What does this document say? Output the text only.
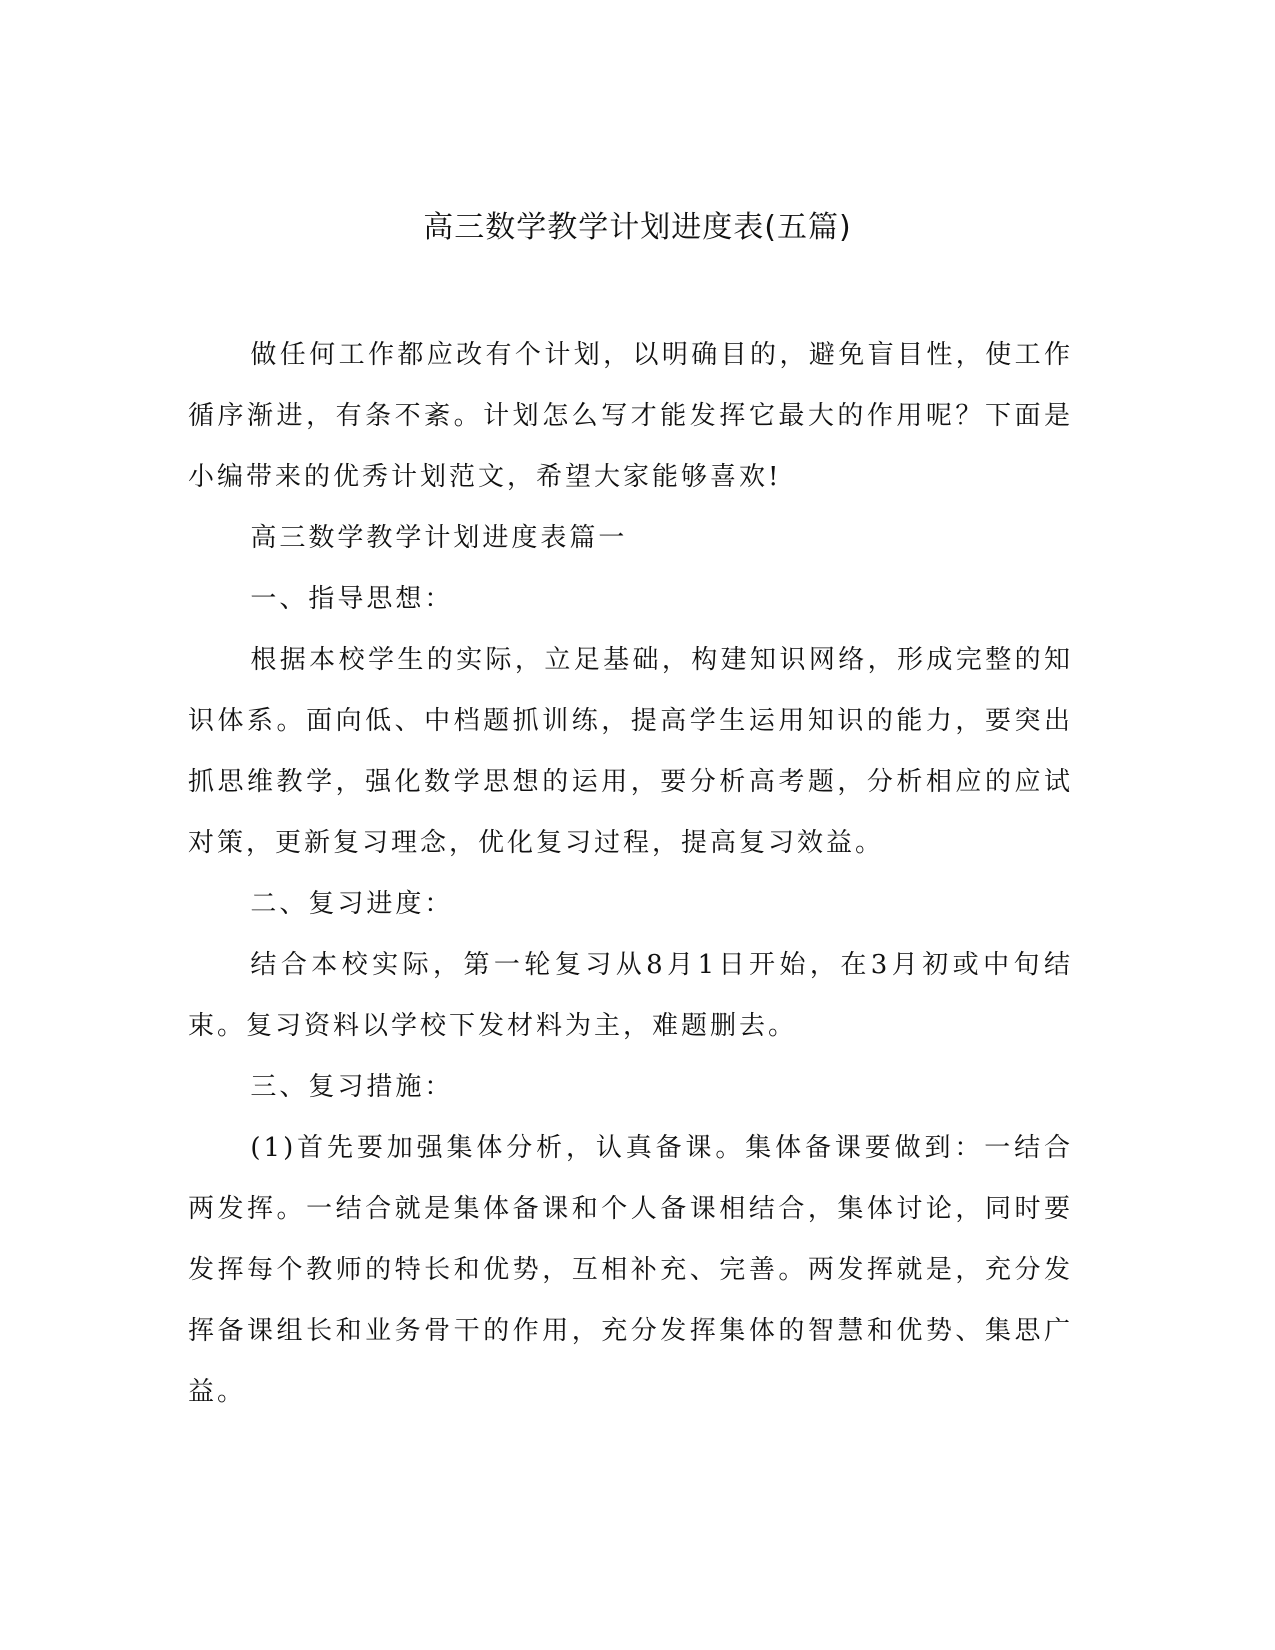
高三数学教学计划进度表(五篇)

做任何工作都应改有个计划，以明确目的，避免盲目性，使工作循序渐进，有条不紊。计划怎么写才能发挥它最大的作用呢？下面是小编带来的优秀计划范文，希望大家能够喜欢!

高三数学教学计划进度表篇一

一、指导思想：

根据本校学生的实际，立足基础，构建知识网络，形成完整的知识体系。面向低、中档题抓训练，提高学生运用知识的能力，要突出抓思维教学，强化数学思想的运用，要分析高考题，分析相应的应试对策，更新复习理念，优化复习过程，提高复习效益。

二、复习进度：

结合本校实际，第一轮复习从8月1日开始，在3月初或中旬结束。复习资料以学校下发材料为主，难题删去。

三、复习措施：

(1)首先要加强集体分析，认真备课。集体备课要做到：一结合两发挥。一结合就是集体备课和个人备课相结合，集体讨论，同时要发挥每个教师的特长和优势，互相补充、完善。两发挥就是，充分发挥备课组长和业务骨干的作用，充分发挥集体的智慧和优势、集思广益。
